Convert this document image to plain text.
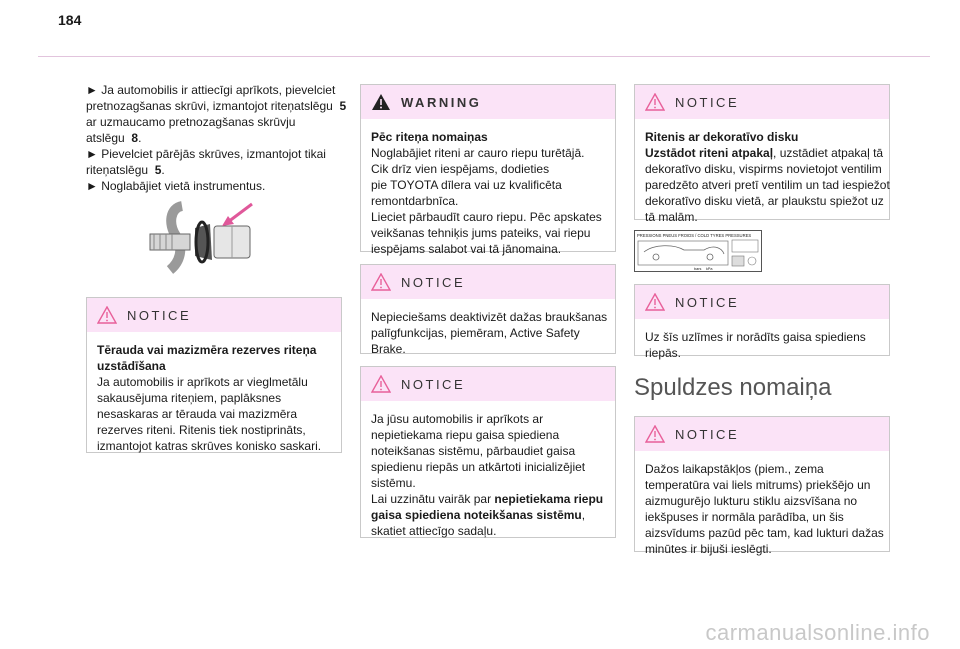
184
► Ja automobilis ir attiecīgi aprīkots, pievelciet
pretnozagšanas skrūvi, izmantojot riteņatslēgu 5
ar uzmaucamo pretnozagšanas skrūvju
atslēgu 8.
► Pievelciet pārējās skrūves, izmantojot tikai
riteņatslēgu 5.
► Noglabājiet vietā instrumentus.
NOTICE
Tērauda vai mazizmēra rezerves riteņa
uzstādīšana
Ja automobilis ir aprīkots ar vieglmetālu
sakausējuma riteņiem, paplāksnes
nesaskaras ar tērauda vai mazizmēra
rezerves riteni. Ritenis tiek nostiprināts,
izmantojot katras skrūves konisko saskari.
WARNING
Pēc riteņa nomaiņas
Noglabājiet riteni ar cauro riepu turētājā.
Cik drīz vien iespējams, dodieties
pie TOYOTA dīlera vai uz kvalificēta
remontdarbnīca.
Lieciet pārbaudīt cauro riepu. Pēc apskates
veikšanas tehniķis jums pateiks, vai riepu
iespējams salabot vai tā jānomaina.
NOTICE
Nepieciešams deaktivizēt dažas braukšanas
palīgfunkcijas, piemēram, Active Safety
Brake.
NOTICE
Ja jūsu automobilis ir aprīkots ar
nepietiekama riepu gaisa spiediena
noteikšanas sistēmu, pārbaudiet gaisa
spiedienu riepās un atkārtoti inicializējiet
sistēmu.
Lai uzzinātu vairāk par nepietiekama riepu
gaisa spiediena noteikšanas sistēmu,
skatiet attiecīgo sadaļu.
NOTICE
Ritenis ar dekoratīvo disku
Uzstādot riteni atpakaļ, uzstādiet atpakaļ tā
dekoratīvo disku, vispirms novietojot ventilim
paredzēto atveri pretī ventilim un tad iespiežot
dekoratīvo disku vietā, ar plaukstu spiežot uz
tā malām.
PRESSIONS PNEUS FROIDS / COLD TYRES PRESSURES
bars kPa
NOTICE
Uz šīs uzlīmes ir norādīts gaisa spiediens
riepās.
Spuldzes nomaiņa
NOTICE
Dažos laikapstākļos (piem., zema
temperatūra vai liels mitrums) priekšējo un
aizmugurējo lukturu stiklu aizsvīšana no
iekšpuses ir normāla parādība, un šis
aizsvīdums pazūd pēc tam, kad lukturi dažas
minūtes ir bijuši ieslēgti.
carmanualsonline.info
